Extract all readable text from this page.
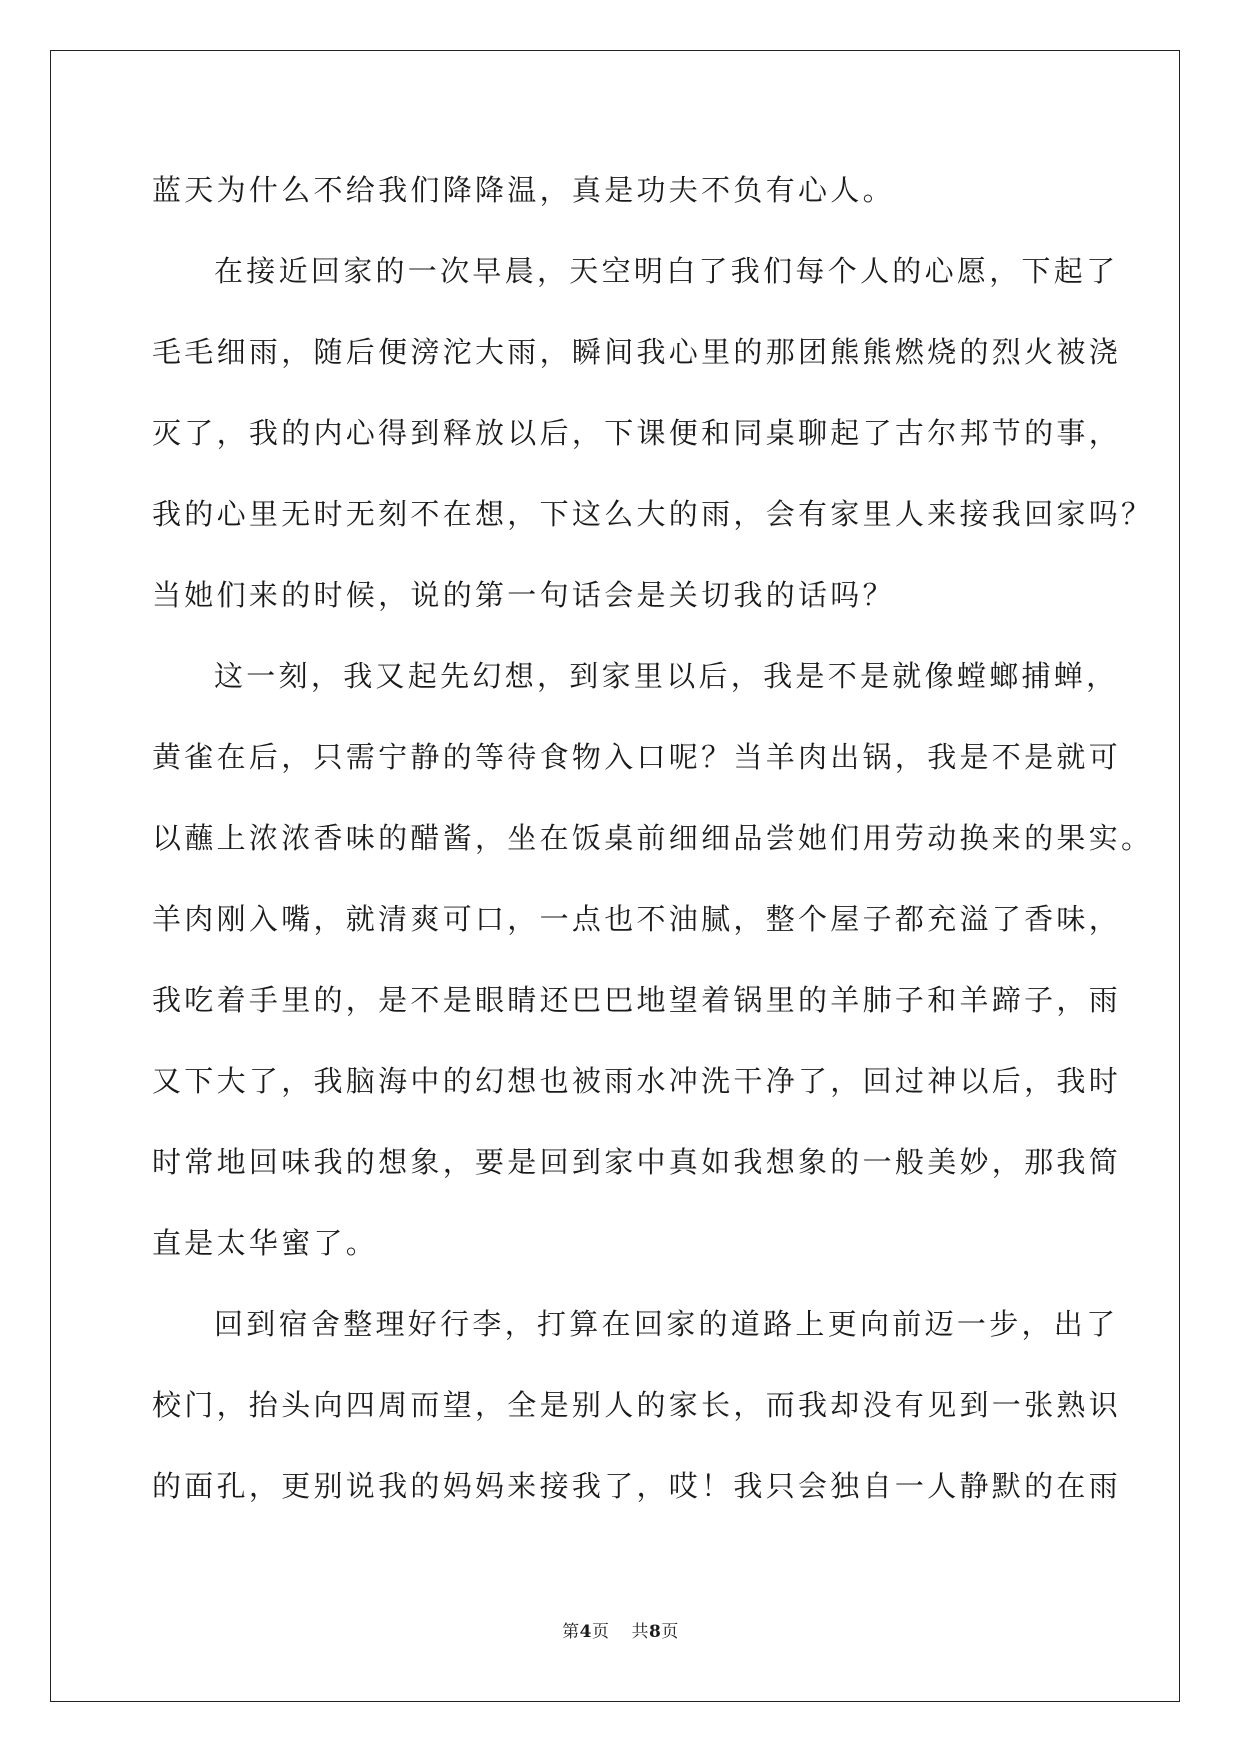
蓝天为什么不给我们降降温，真是功夫不负有心人。
在接近回家的一次早晨，天空明白了我们每个人的心愿，下起了
毛毛细雨，随后便滂沱大雨，瞬间我心里的那团熊熊燃烧的烈火被浇
灭了，我的内心得到释放以后，下课便和同桌聊起了古尔邦节的事，
我的心里无时无刻不在想，下这么大的雨，会有家里人来接我回家吗？
当她们来的时候，说的第一句话会是关切我的话吗？
这一刻，我又起先幻想，到家里以后，我是不是就像螳螂捕蝉，
黄雀在后，只需宁静的等待食物入口呢？当羊肉出锅，我是不是就可
以蘸上浓浓香味的醋酱，坐在饭桌前细细品尝她们用劳动换来的果实。
羊肉刚入嘴，就清爽可口，一点也不油腻，整个屋子都充溢了香味，
我吃着手里的，是不是眼睛还巴巴地望着锅里的羊肺子和羊蹄子，雨
又下大了，我脑海中的幻想也被雨水冲洗干净了，回过神以后，我时
时常地回味我的想象，要是回到家中真如我想象的一般美妙，那我简
直是太华蜜了。
回到宿舍整理好行李，打算在回家的道路上更向前迈一步，出了
校门，抬头向四周而望，全是别人的家长，而我却没有见到一张熟识
的面孔，更别说我的妈妈来接我了，哎！我只会独自一人静默的在雨
第4页 共8页
